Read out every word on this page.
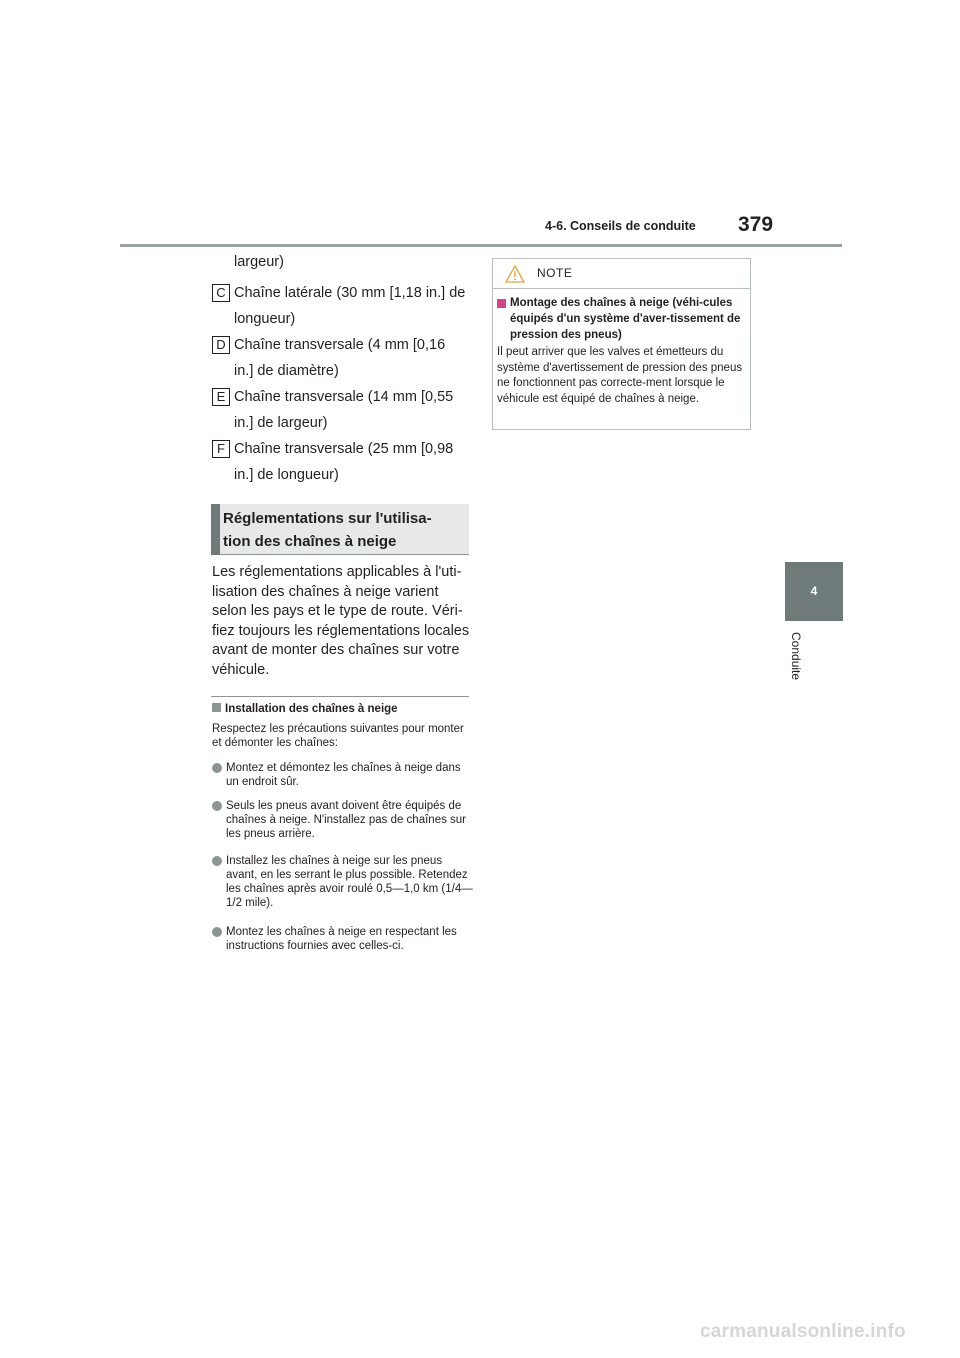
4-6. Conseils de conduite 379
4
Conduite
largeur)
C Chaîne latérale (30 mm [1,18 in.] de
longueur)
D Chaîne transversale (4 mm [0,16
in.] de diamètre)
E Chaîne transversale (14 mm [0,55
in.] de largeur)
F Chaîne transversale (25 mm [0,98
in.] de longueur)
Réglementations sur l'utilisa-
tion des chaînes à neige
Les réglementations applicables à l'uti-lisation des chaînes à neige varient selon les pays et le type de route. Véri-fiez toujours les réglementations locales avant de monter des chaînes sur votre véhicule.
Installation des chaînes à neige
Respectez les précautions suivantes pour monter et démonter les chaînes:
Montez et démontez les chaînes à neige dans un endroit sûr.
Seuls les pneus avant doivent être équipés de chaînes à neige. N'installez pas de chaînes sur les pneus arrière.
Installez les chaînes à neige sur les pneus avant, en les serrant le plus possible. Retendez les chaînes après avoir roulé 0,5—1,0 km (1/4—1/2 mile).
Montez les chaînes à neige en respectant les instructions fournies avec celles-ci.
NOTE
Montage des chaînes à neige (véhi-cules équipés d'un système d'aver-tissement de pression des pneus)
Il peut arriver que les valves et émetteurs du système d'avertissement de pression des pneus ne fonctionnent pas correcte-ment lorsque le véhicule est équipé de chaînes à neige.
carmanualsonline.info
